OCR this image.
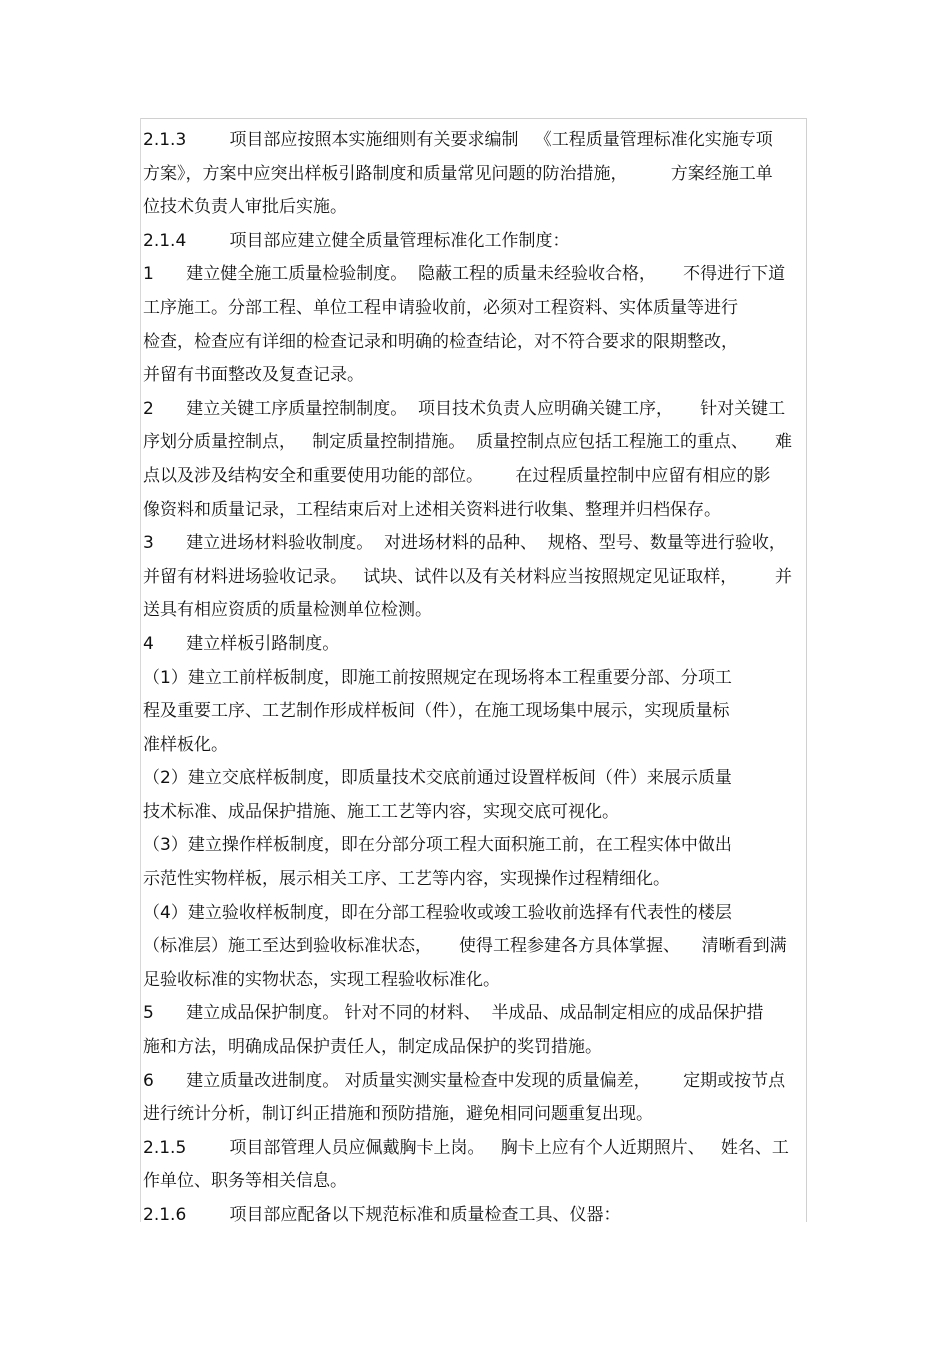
2.1.3        项目部应按照本实施细则有关要求编制   《工程质量管理标准化实施专项
方案》，方案中应突出样板引路制度和质量常见问题的防治措施，        方案经施工单
位技术负责人审批后实施。
2.1.4        项目部应建立健全质量管理标准化工作制度：
1      建立健全施工质量检验制度。  隐蔽工程的质量未经验收合格，     不得进行下道
工序施工。分部工程、单位工程申请验收前，必须对工程资料、实体质量等进行
检查，检查应有详细的检查记录和明确的检查结论，对不符合要求的限期整改，
并留有书面整改及复查记录。
2      建立关键工序质量控制制度。  项目技术负责人应明确关键工序，     针对关键工
序划分质量控制点，   制定质量控制措施。  质量控制点应包括工程施工的重点、     难
点以及涉及结构安全和重要使用功能的部位。      在过程质量控制中应留有相应的影
像资料和质量记录，工程结束后对上述相关资料进行收集、整理并归档保存。
3      建立进场材料验收制度。  对进场材料的品种、  规格、型号、数量等进行验收，
并留有材料进场验收记录。   试块、试件以及有关材料应当按照规定见证取样，       并
送具有相应资质的质量检测单位检测。
4      建立样板引路制度。
（1）建立工前样板制度，即施工前按照规定在现场将本工程重要分部、分项工
程及重要工序、工艺制作形成样板间（件），在施工现场集中展示，实现质量标
准样板化。
（2）建立交底样板制度，即质量技术交底前通过设置样板间（件）来展示质量
技术标准、成品保护措施、施工工艺等内容，实现交底可视化。
（3）建立操作样板制度，即在分部分项工程大面积施工前，在工程实体中做出
示范性实物样板，展示相关工序、工艺等内容，实现操作过程精细化。
（4）建立验收样板制度，即在分部工程验收或竣工验收前选择有代表性的楼层
（标准层）施工至达到验收标准状态，     使得工程参建各方具体掌握、    清晰看到满
足验收标准的实物状态，实现工程验收标准化。
5      建立成品保护制度。 针对不同的材料、  半成品、成品制定相应的成品保护措
施和方法，明确成品保护责任人，制定成品保护的奖罚措施。
6      建立质量改进制度。 对质量实测实量检查中发现的质量偏差，      定期或按节点
进行统计分析，制订纠正措施和预防措施，避免相同问题重复出现。
2.1.5        项目部管理人员应佩戴胸卡上岗。   胸卡上应有个人近期照片、   姓名、工
作单位、职务等相关信息。
2.1.6        项目部应配备以下规范标准和质量检查工具、仪器：
